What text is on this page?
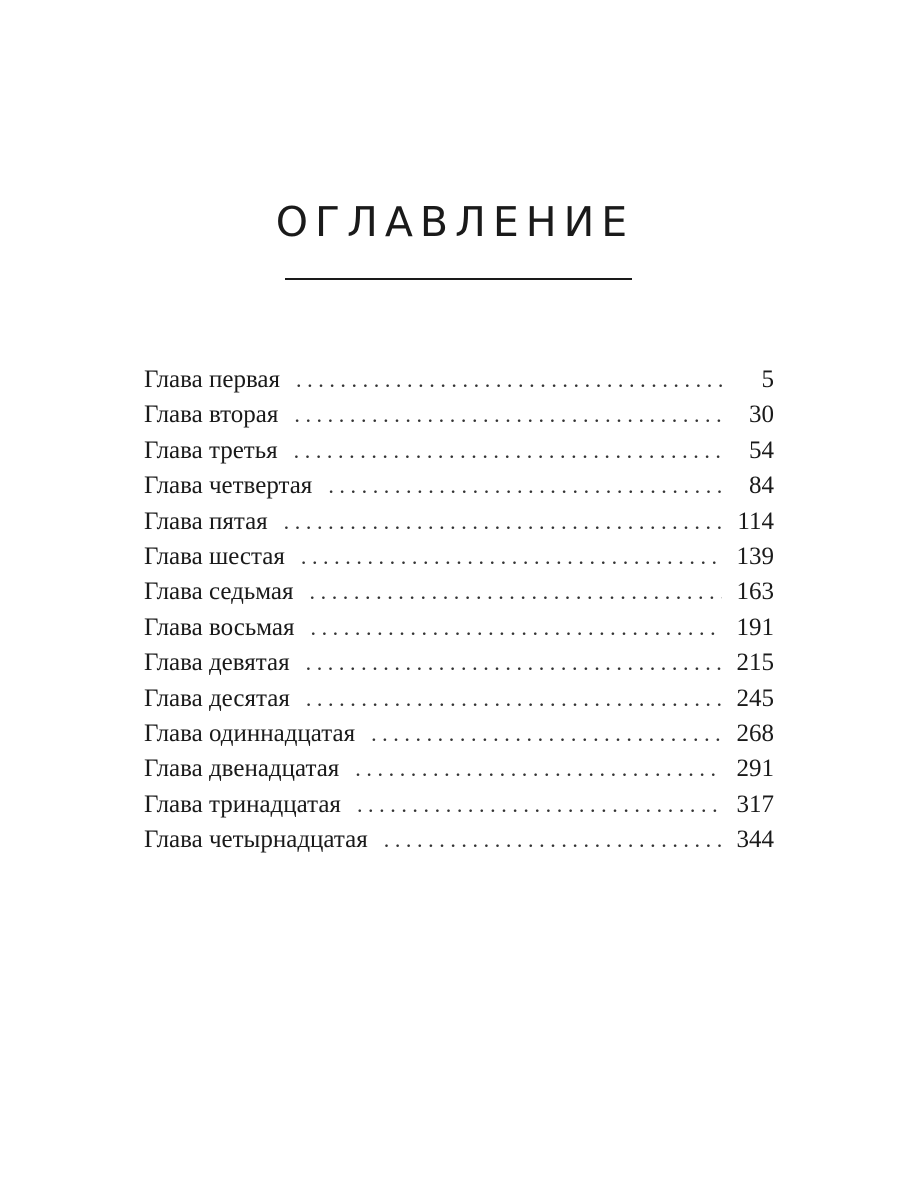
ОГЛАВЛЕНИЕ
Глава первая .....	5
Глава вторая .....	30
Глава третья .....	54
Глава четвертая .....	84
Глава пятая .....	114
Глава шестая .....	139
Глава седьмая .....	163
Глава восьмая .....	191
Глава девятая .....	215
Глава десятая .....	245
Глава одиннадцатая .....	268
Глава двенадцатая .....	291
Глава тринадцатая .....	317
Глава четырнадцатая .....	344
